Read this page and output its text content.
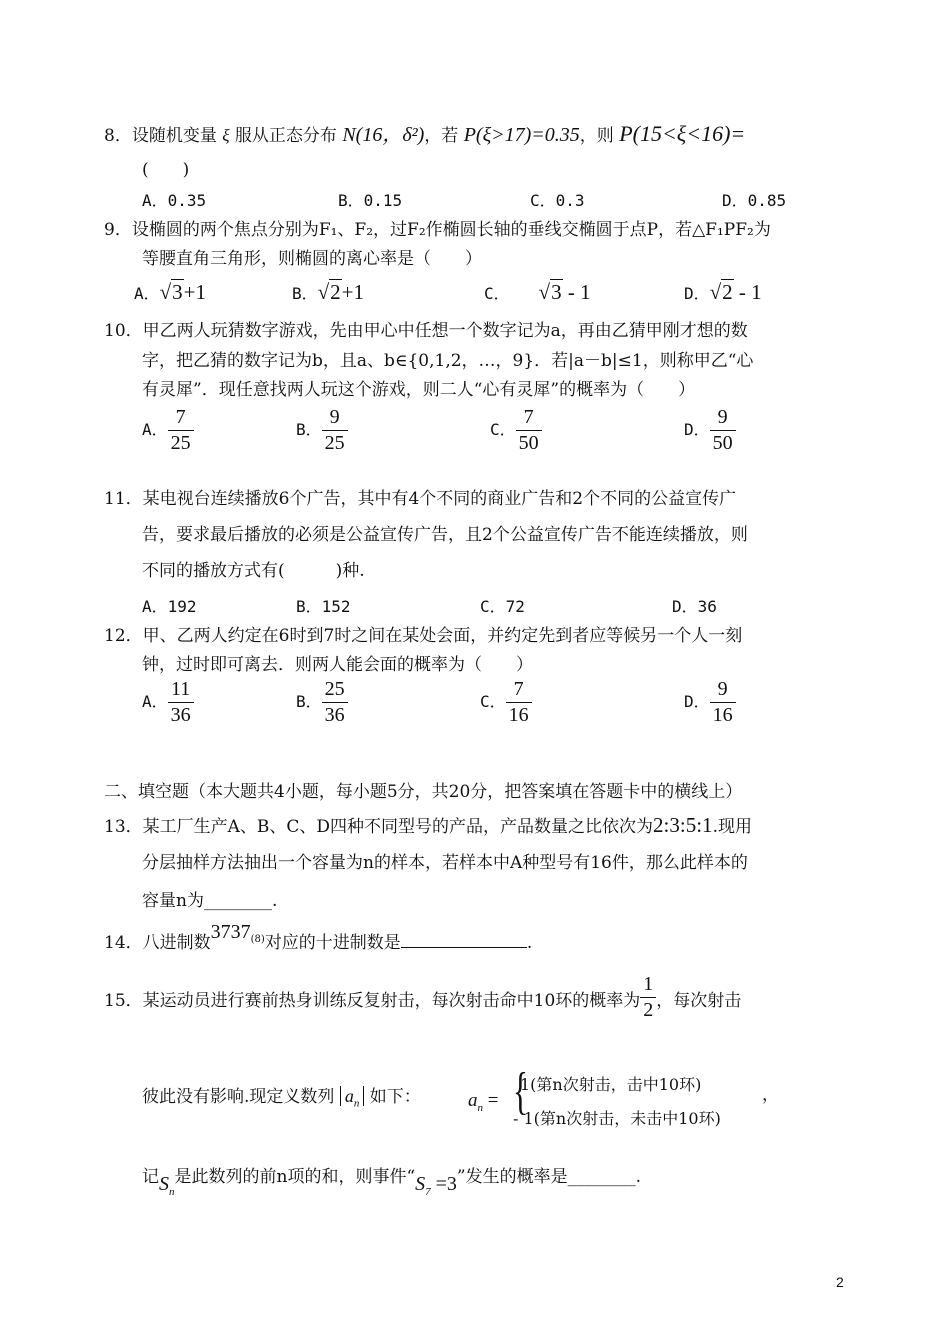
8．设随机变量 ξ 服从正态分布 N(16，δ²)，若 P(ξ>17)=0.35，则 P(15<ξ<16)=
(　　)
A．0.35	B．0.15	C．0.3	D．0.85
9．设椭圆的两个焦点分别为F₁、F₂，过F₂作椭圆长轴的垂线交椭圆于点P，若△F₁PF₂为
等腰直角三角形，则椭圆的离心率是（　　）
A．√3+1	B．√2+1	C． √3 - 1	D．√2 - 1
10．甲乙两人玩猜数字游戏，先由甲心中任想一个数字记为a，再由乙猜甲刚才想的数
字，把乙猜的数字记为b，且a、b∈{0,1,2，…，9}．若|a－b|≤1，则称甲乙“心
有灵犀”．现任意找两人玩这个游戏，则二人“心有灵犀”的概率为（　　）
A． $\frac{7}{25}$	B． $\frac{9}{25}$	C． $\frac{7}{50}$	D． $\frac{9}{50}$
11．某电视台连续播放6个广告，其中有4个不同的商业广告和2个不同的公益宣传广
告，要求最后播放的必须是公益宣传广告，且2个公益宣传广告不能连续播放，则
不同的播放方式有(　　　)种.
A．192	B．152	C．72	D．36
12．甲、乙两人约定在6时到7时之间在某处会面，并约定先到者应等候另一个人一刻
钟，过时即可离去．则两人能会面的概率为（　　）
A． $\frac{11}{36}$	B． $\frac{25}{36}$	C． $\frac{7}{16}$	D． $\frac{9}{16}$
二、填空题（本大题共4小题，每小题5分，共20分，把答案填在答题卡中的横线上）
13．某工厂生产A、B、C、D四种不同型号的产品，产品数量之比依次为2:3:5:1.现用
分层抽样方法抽出一个容量为n的样本，若样本中A种型号有16件，那么此样本的
容量n为________.
14．八进制数3737$^{(8)}$对应的十进制数是	.
15．某运动员进行赛前热身训练反复射击，每次射击命中10环的概率为 $\frac{1}{2}$ ，每次射击
彼此没有影响.现定义数列 $a_n$ 如下： $a_n$ = {
1(第n次射击，击中10环)
- 1(第n次射击，未击中10环)
，
记$S_n$是此数列的前n项的和，则事件“$S_7 =3$”发生的概率是________.
2
